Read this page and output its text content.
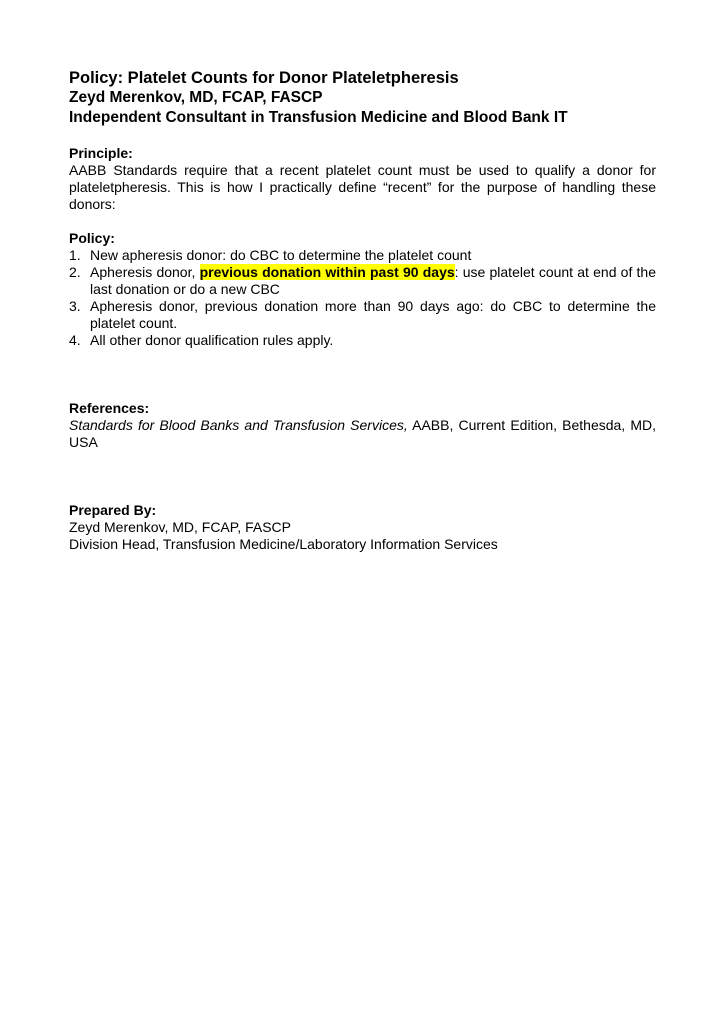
Policy: Platelet Counts for Donor Plateletpheresis

Zeyd Merenkov, MD, FCAP, FASCP

Independent Consultant in Transfusion Medicine and Blood Bank IT

Principle:

AABB Standards require that a recent platelet count must be used to qualify a donor for plateletpheresis. This is how I practically define “recent” for the purpose of handling these donors:

Policy:

1. New apheresis donor: do CBC to determine the platelet count
2. Apheresis donor, previous donation within past 90 days: use platelet count at end of the last donation or do a new CBC
3. Apheresis donor, previous donation more than 90 days ago: do CBC to determine the platelet count.
4. All other donor qualification rules apply.

References:

Standards for Blood Banks and Transfusion Services, AABB, Current Edition, Bethesda, MD, USA

Prepared By:

Zeyd Merenkov, MD, FCAP, FASCP

Division Head, Transfusion Medicine/Laboratory Information Services
